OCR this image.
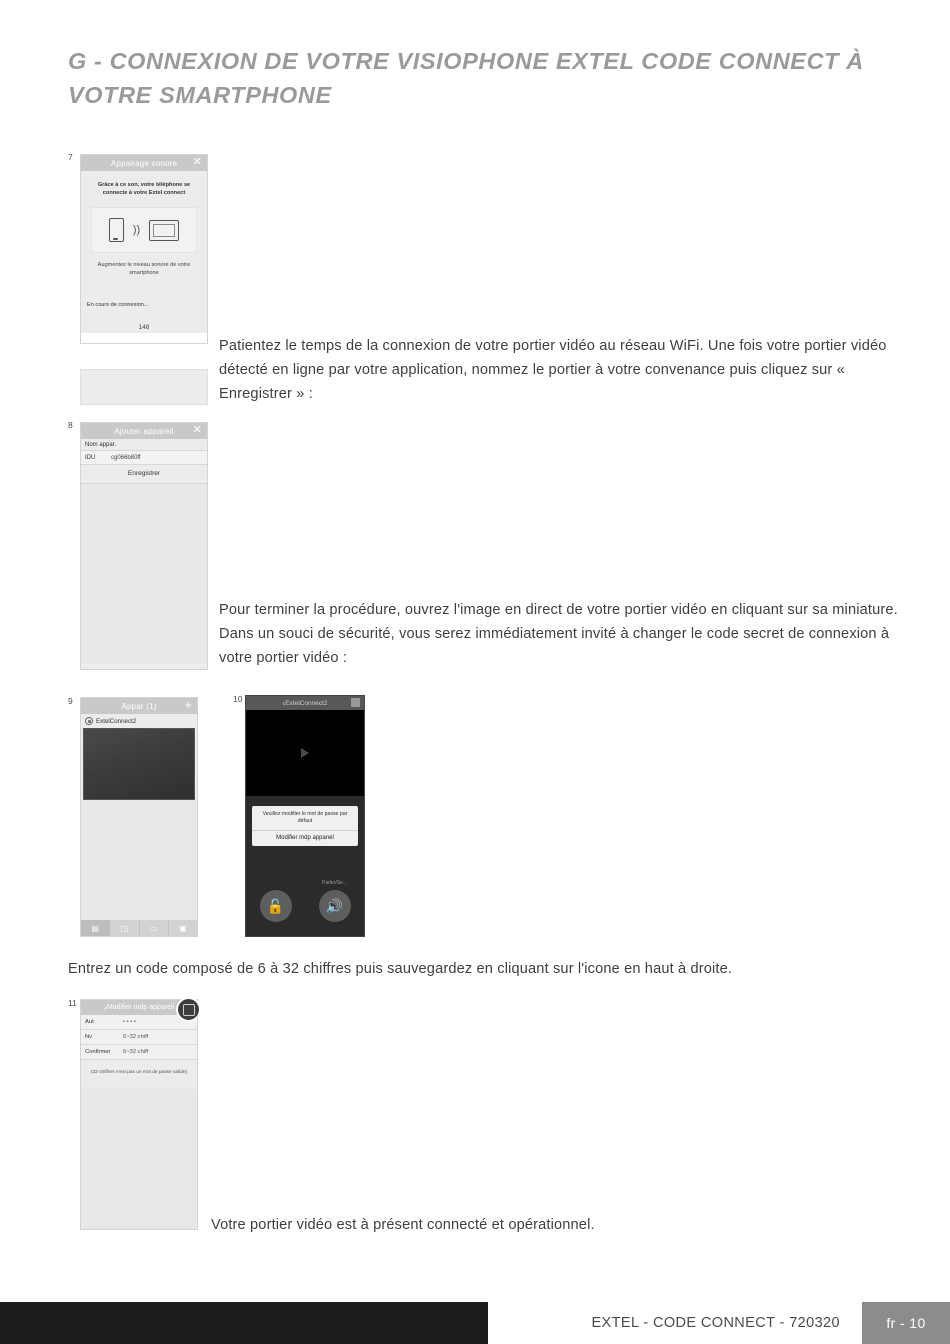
G - CONNEXION DE VOTRE VISIOPHONE EXTEL CODE CONNECT À VOTRE SMARTPHONE
7
Appairage sonore ✕
Grâce à ce son, votre téléphone se connecte à votre Extel connect
))
Augmentez le niveau sonore de votre smartphone
En cours de connexion...
148
Patientez le temps de la connexion de votre portier vidéo au réseau WiFi. Une fois votre portier vidéo détecté en ligne par votre application, nommez le portier à votre convenance puis cliquez sur « Enregistrer » :
8
Ajouter appareil ✕
Nom appar.
IDU	cg066b80ff
Enregistrer
Pour terminer la procédure, ouvrez l'image en direct de votre portier vidéo en cliquant sur sa miniature. Dans un souci de sécurité, vous serez immédiatement invité à changer le code secret de connexion à votre portier vidéo :
9	Appar (1) +
ExtelConnect2
▤	◳	▭	▣
10	‹ ExtelConnect2
Veuillez modifier le mot de passe par défaut
Modifier mdp appareil
🔓
Parler/Se...
🔊
Entrez un code composé de 6 à 32 chiffres puis sauvegardez en cliquant sur l'icone en haut à droite.
11	‹ Modifier mdp appareil
Aut	• • • •
Nv	6~32 chiff
Confirmer	6~32 chiff
(32 chiffres n'est pas un mot de passe valide)
Votre portier vidéo est à présent connecté et opérationnel.
EXTEL - CODE CONNECT - 720320	fr - 10
